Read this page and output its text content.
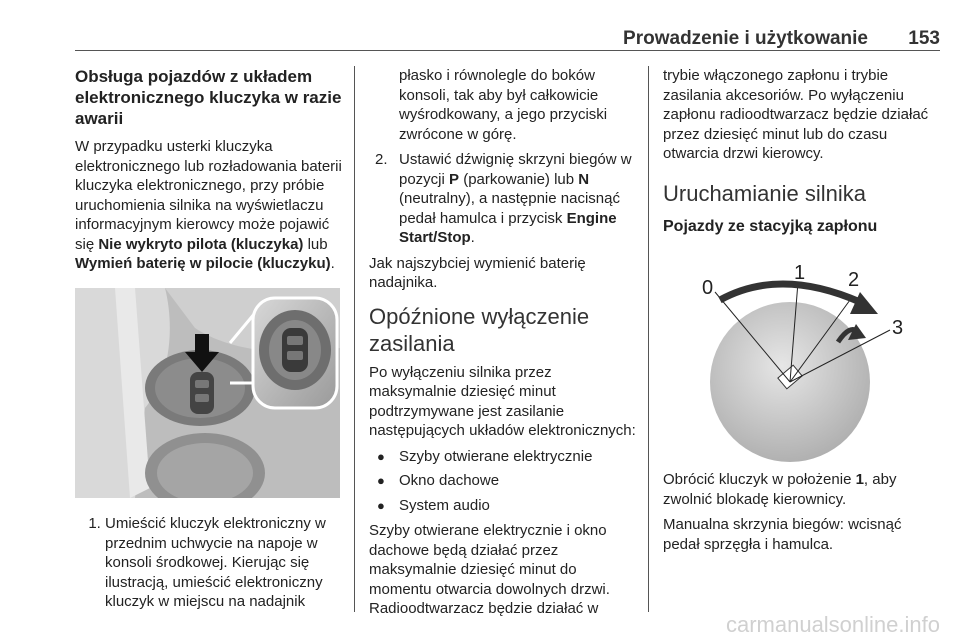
Prowadzenie i użytkowanie 153
Obsługa pojazdów z układem elektronicznego kluczyka w razie awarii

W przypadku usterki kluczyka elektronicznego lub rozładowania baterii kluczyka elektronicznego, przy próbie uruchomienia silnika na wyświetlaczu informacyjnym kierowcy może pojawić się Nie wykryto pilota (kluczyka) lub Wymień baterię w pilocie (kluczyku).

1. Umieścić kluczyk elektroniczny w przednim uchwycie na napoje w konsoli środkowej. Kierując się ilustracją, umieścić elektroniczny kluczyk w miejscu na nadajnik
płasko i równolegle do boków konsoli, tak aby był całkowicie wyśrodkowany, a jego przyciski zwrócone w górę.
2. Ustawić dźwignię skrzyni biegów w pozycji P (parkowanie) lub N (neutralny), a następnie nacisnąć pedał hamulca i przycisk Engine Start/Stop.

Jak najszybciej wymienić baterię nadajnika.

Opóźnione wyłączenie zasilania

Po wyłączeniu silnika przez maksymalnie dziesięć minut podtrzymywane jest zasilanie następujących układów elektronicznych:

● Szyby otwierane elektrycznie
● Okno dachowe
● System audio

Szyby otwierane elektrycznie i okno dachowe będą działać przez maksymalnie dziesięć minut do momentu otwarcia dowolnych drzwi. Radioodtwarzacz będzie działać w

trybie włączonego zapłonu i trybie zasilania akcesoriów. Po wyłączeniu zapłonu radioodtwarzacz będzie działać przez dziesięć minut lub do czasu otwarcia drzwi kierowcy.

Uruchamianie silnika
Pojazdy ze stacyjką zapłonu
0
1 2
3

Obrócić kluczyk w położenie 1, aby zwolnić blokadę kierownicy.

Manualna skrzynia biegów: wcisnąć pedał sprzęgła i hamulca.

carmanualsonline.info
